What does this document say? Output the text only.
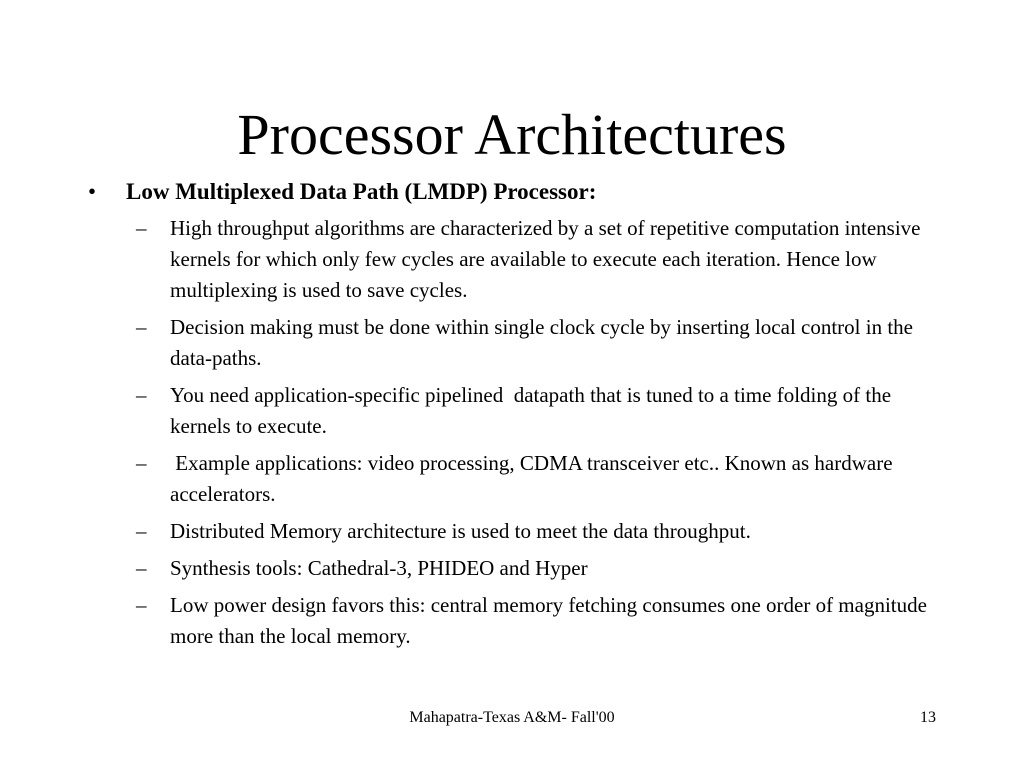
Processor Architectures
•	Low Multiplexed Data Path (LMDP) Processor:
–	High throughput algorithms are characterized by a set of repetitive computation intensive kernels for which only few cycles are available to execute each iteration. Hence low multiplexing is used to save cycles.
–	Decision making must be done within single clock cycle by inserting local control in the data-paths.
–	You need application-specific pipelined  datapath that is tuned to a time folding of the kernels to execute.
–	Example applications: video processing, CDMA transceiver etc.. Known as hardware accelerators.
–	Distributed Memory architecture is used to meet the data throughput.
–	Synthesis tools: Cathedral-3, PHIDEO and Hyper
–	Low power design favors this: central memory fetching consumes one order of magnitude more than the local memory.
Mahapatra-Texas A&M- Fall'00	13
